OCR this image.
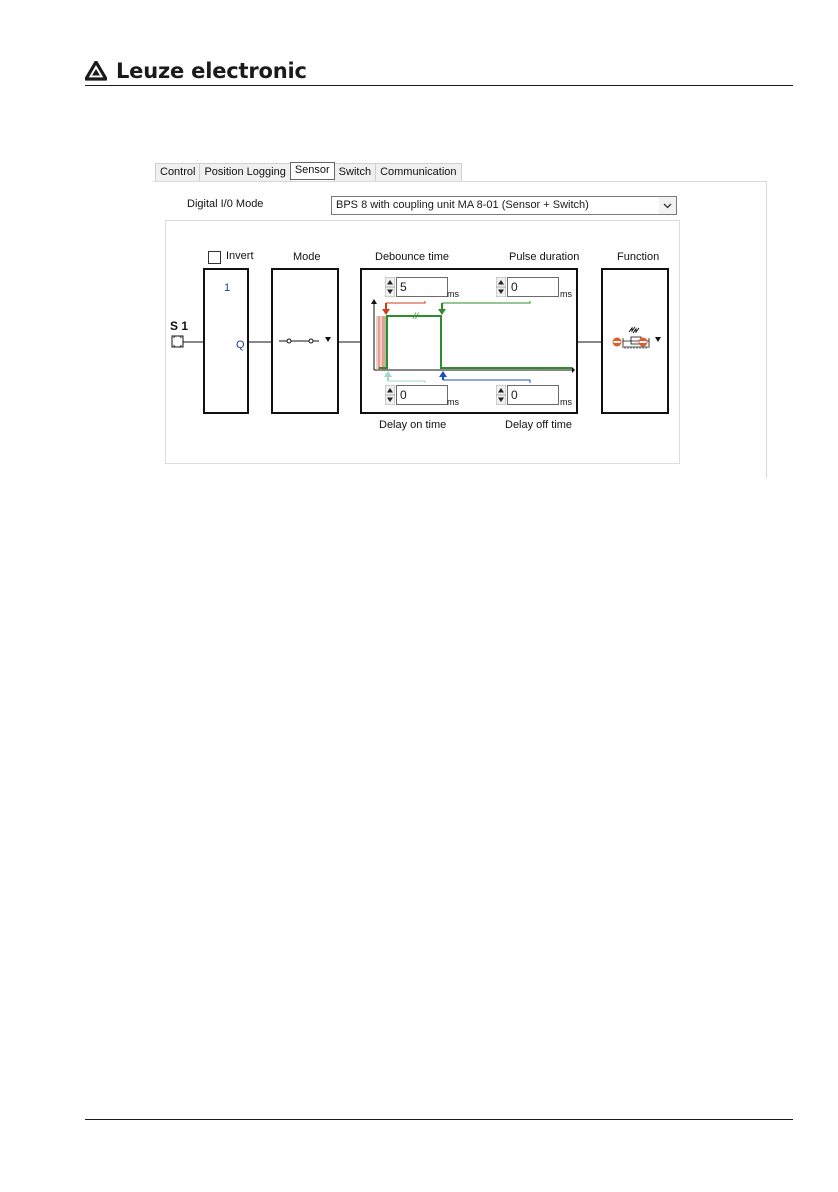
Leuze electronic
Control Position Logging Sensor Switch Communication
Digital I/0 Mode	BPS 8 with coupling unit MA 8-01 (Sensor + Switch)
Invert	Mode	Debounce time	Pulse duration	Function
S 1
1
Q
5	ms	0	ms
0	ms	0	ms
Delay on time	Delay off time
//
